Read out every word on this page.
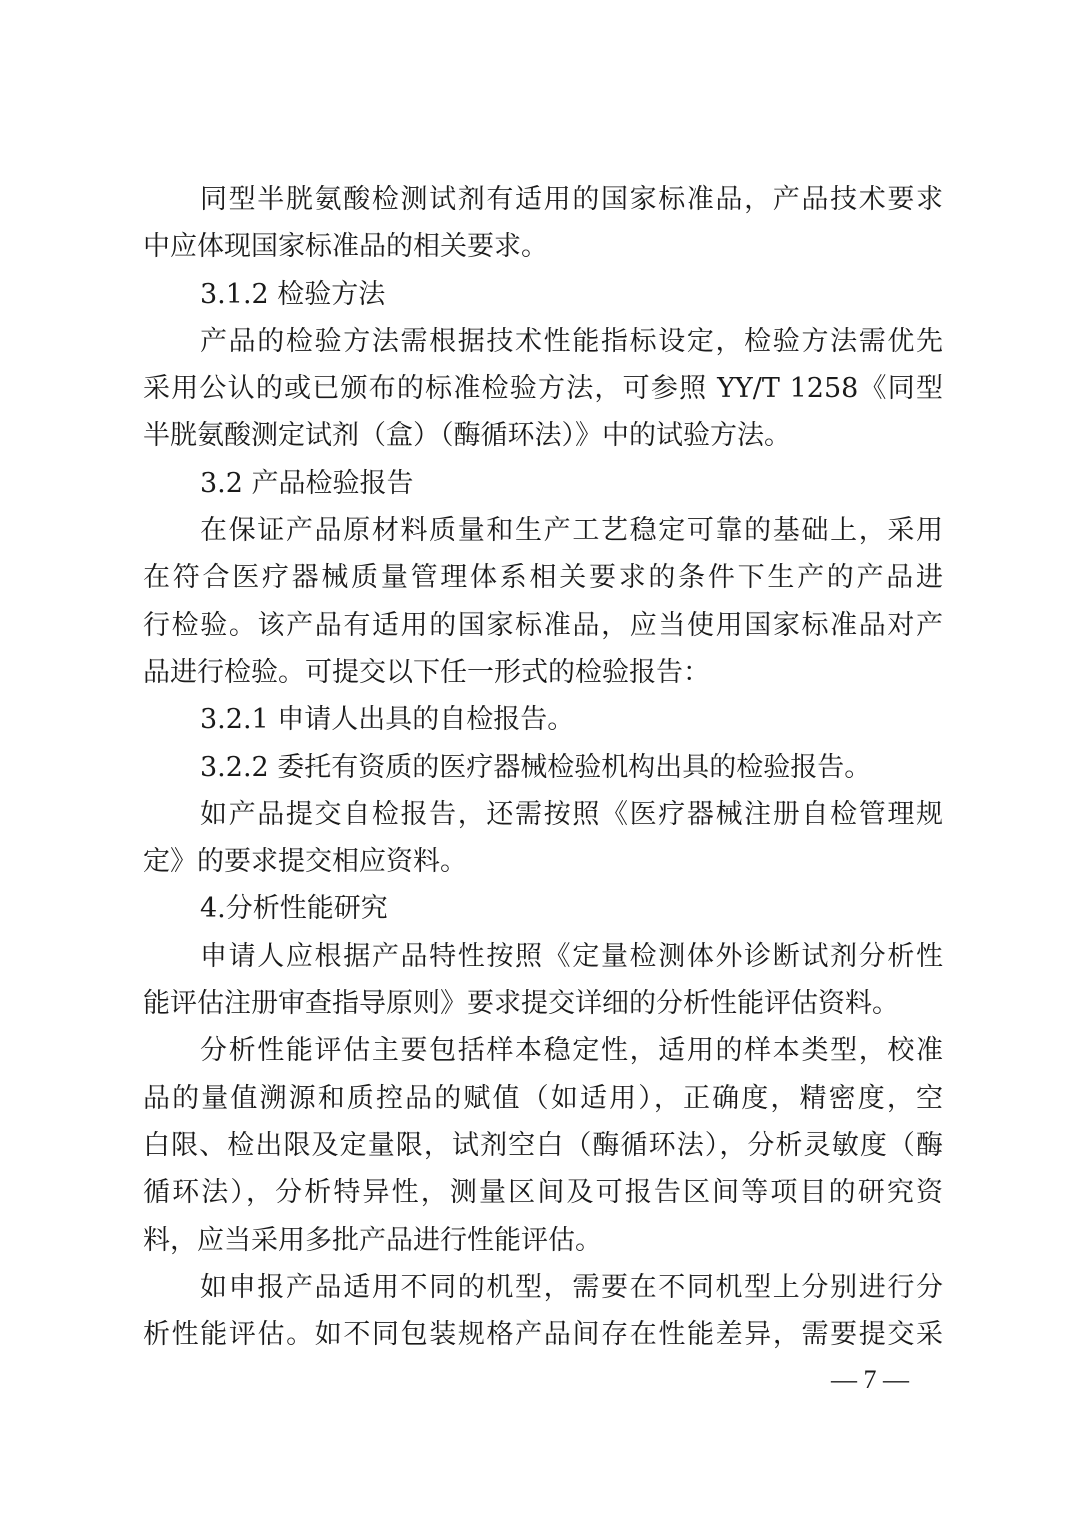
同型半胱氨酸检测试剂有适用的国家标准品，产品技术要求
中应体现国家标准品的相关要求。
3.1.2 检验方法
产品的检验方法需根据技术性能指标设定，检验方法需优先
采用公认的或已颁布的标准检验方法，可参照 YY/T 1258《同型
半胱氨酸测定试剂（盒）（酶循环法）》中的试验方法。
3.2 产品检验报告
在保证产品原材料质量和生产工艺稳定可靠的基础上，采用
在符合医疗器械质量管理体系相关要求的条件下生产的产品进
行检验。该产品有适用的国家标准品，应当使用国家标准品对产
品进行检验。可提交以下任一形式的检验报告：
3.2.1 申请人出具的自检报告。
3.2.2 委托有资质的医疗器械检验机构出具的检验报告。
如产品提交自检报告，还需按照《医疗器械注册自检管理规
定》的要求提交相应资料。
4.分析性能研究
申请人应根据产品特性按照《定量检测体外诊断试剂分析性
能评估注册审查指导原则》要求提交详细的分析性能评估资料。
分析性能评估主要包括样本稳定性，适用的样本类型，校准
品的量值溯源和质控品的赋值（如适用），正确度，精密度，空
白限、检出限及定量限，试剂空白（酶循环法），分析灵敏度（酶
循环法），分析特异性，测量区间及可报告区间等项目的研究资
料，应当采用多批产品进行性能评估。
如申报产品适用不同的机型，需要在不同机型上分别进行分
析性能评估。如不同包装规格产品间存在性能差异，需要提交采
— 7 —
